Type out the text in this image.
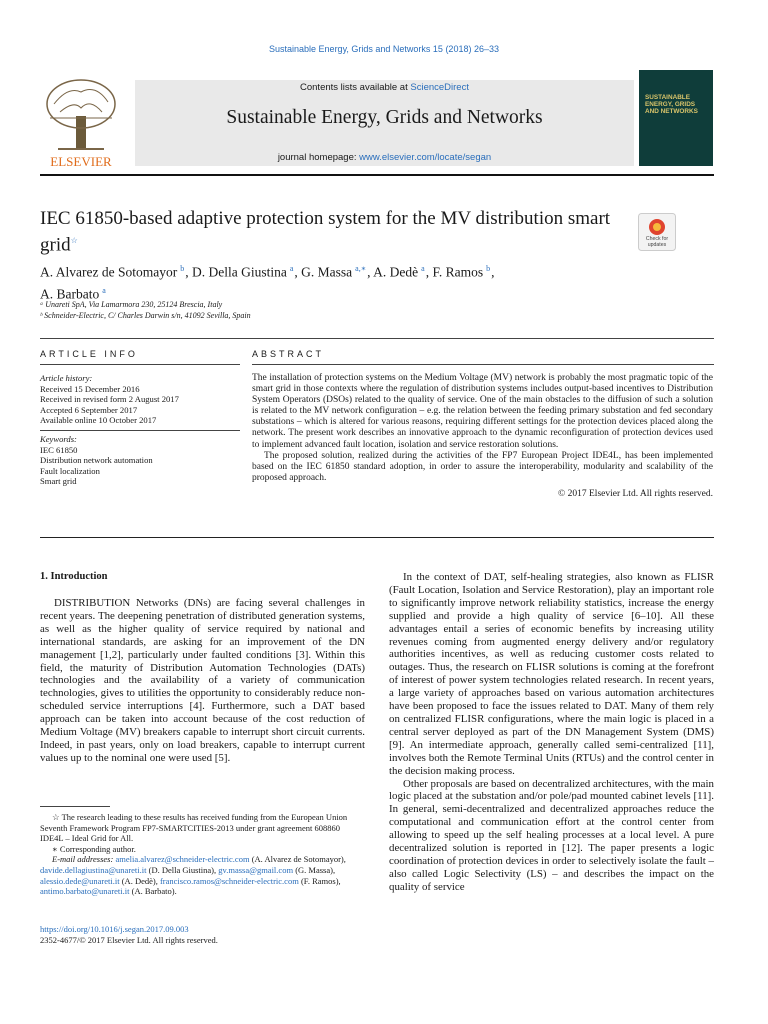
Sustainable Energy, Grids and Networks 15 (2018) 26–33
ELSEVIER
Contents lists available at ScienceDirect
Sustainable Energy, Grids and Networks
journal homepage: www.elsevier.com/locate/segan
SUSTAINABLE ENERGY, GRIDS AND NETWORKS
IEC 61850-based adaptive protection system for the MV distribution smart grid☆	Check for updates
A. Alvarez de Sotomayor $^b$, D. Della Giustina $^a$, G. Massa $^{a,∗}$, A. Dedè $^a$, F. Ramos $^b$,
A. Barbato $^a$
ᵃ Unareti SpA, Via Lamarmora 230, 25124 Brescia, Italy
ᵇ Schneider-Electric, C/ Charles Darwin s/n, 41092 Sevilla, Spain
ARTICLE INFO	ABSTRACT
Article history:
Received 15 December 2016
Received in revised form 2 August 2017
Accepted 6 September 2017
Available online 10 October 2017
Keywords:
IEC 61850
Distribution network automation
Fault localization
Smart grid

The installation of protection systems on the Medium Voltage (MV) network is probably the most pragmatic topic of the smart grid in those contexts where the regulation of distribution systems includes output-based incentives to Distribution System Operators (DSOs) related to the quality of service. One of the main obstacles to the diffusion of such a solution is related to the MV network configuration – e.g. the relation between the feeding primary substation and fed secondary substations – which is altered for various reasons, requiring different settings for the protection devices placed along the network. The present work describes an innovative approach to the dynamic reconfiguration of protection devices used to implement advanced fault location, isolation and service restoration solutions.

The proposed solution, realized during the activities of the FP7 European Project IDE4L, has been implemented based on the IEC 61850 standard adoption, in order to assure the interoperability, modularity and scalability of the proposed approach.

© 2017 Elsevier Ltd. All rights reserved.
1. Introduction

DISTRIBUTION Networks (DNs) are facing several challenges in recent years. The deepening penetration of distributed generation systems, as well as the higher quality of service required by national and international standards, are asking for an improvement of the DN management [1,2], particularly under faulted conditions [3]. Within this field, the maturity of Distribution Automation Technologies (DATs) technologies and the availability of a variety of communication technologies, gives to utilities the opportunity to considerably reduce non-scheduled service interruptions [4]. Furthermore, such a DAT based approach can be taken into account because of the cost reduction of Medium Voltage (MV) breakers capable to interrupt short circuit currents. Indeed, in past years, only on load breakers, capable to interrupt current values up to the nominal one were used [5].

In the context of DAT, self-healing strategies, also known as FLISR (Fault Location, Isolation and Service Restoration), play an important role to significantly improve network reliability statistics, increase the energy supplied and provide a high quality of service [6–10]. All these advantages entail a series of economic benefits by increasing utility revenues coming from augmented energy delivery and/or regulatory authorities incentives, as well as reducing customer costs related to outages. Thus, the research on FLISR solutions is coming at the forefront of interest of power system technologies related research. In recent years, a large variety of approaches based on various automation architectures have been proposed to face the issues related to DAT. Many of them rely on centralized FLISR configurations, where the main logic is placed in a central server deployed as part of the DN Management System (DMS) [9]. An intermediate approach, generally called semi-centralized [11], involves both the Remote Terminal Units (RTUs) and the control center in the decision making process.

Other proposals are based on decentralized architectures, with the main logic placed at the substation and/or pole/pad mounted cabinet levels [11]. In general, semi-decentralized and decentralized approaches reduce the computational and communication effort at the control center from allowing to speed up the self healing processes at a local level. A pure decentralized solution is reported in [12]. The paper presents a logic coordination of protection devices in order to selectively isolate the fault – also called Logic Selectivity (LS) – and describes the impact on the quality of service

☆ The research leading to these results has received funding from the European Union Seventh Framework Program FP7-SMARTCITIES-2013 under grant agreement 608860 IDE4L – Ideal Grid for All.

∗ Corresponding author.

E-mail addresses: amelia.alvarez@schneider-electric.com (A. Alvarez de Sotomayor), davide.dellagiustina@unareti.it (D. Della Giustina), gv.massa@gmail.com (G. Massa), alessio.dede@unareti.it (A. Dedè), francisco.ramos@schneider-electric.com (F. Ramos), antimo.barbato@unareti.it (A. Barbato).

https://doi.org/10.1016/j.segan.2017.09.003
2352-4677/© 2017 Elsevier Ltd. All rights reserved.
